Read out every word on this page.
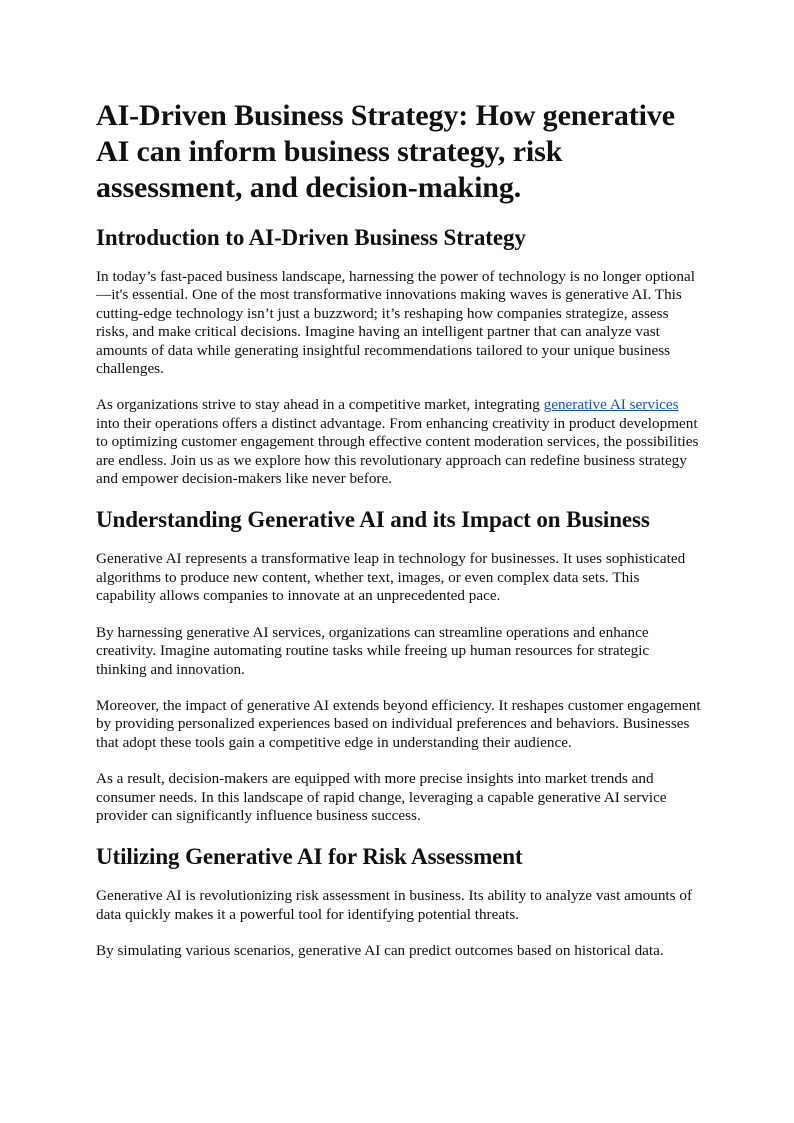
AI-Driven Business Strategy: How generative AI can inform business strategy, risk assessment, and decision-making.
Introduction to AI-Driven Business Strategy

In today’s fast-paced business landscape, harnessing the power of technology is no longer optional—it's essential. One of the most transformative innovations making waves is generative AI. This cutting-edge technology isn’t just a buzzword; it’s reshaping how companies strategize, assess risks, and make critical decisions. Imagine having an intelligent partner that can analyze vast amounts of data while generating insightful recommendations tailored to your unique business challenges.

As organizations strive to stay ahead in a competitive market, integrating generative AI services into their operations offers a distinct advantage. From enhancing creativity in product development to optimizing customer engagement through effective content moderation services, the possibilities are endless. Join us as we explore how this revolutionary approach can redefine business strategy and empower decision-makers like never before.

Understanding Generative AI and its Impact on Business

Generative AI represents a transformative leap in technology for businesses. It uses sophisticated algorithms to produce new content, whether text, images, or even complex data sets. This capability allows companies to innovate at an unprecedented pace.

By harnessing generative AI services, organizations can streamline operations and enhance creativity. Imagine automating routine tasks while freeing up human resources for strategic thinking and innovation.

Moreover, the impact of generative AI extends beyond efficiency. It reshapes customer engagement by providing personalized experiences based on individual preferences and behaviors. Businesses that adopt these tools gain a competitive edge in understanding their audience.

As a result, decision-makers are equipped with more precise insights into market trends and consumer needs. In this landscape of rapid change, leveraging a capable generative AI service provider can significantly influence business success.

Utilizing Generative AI for Risk Assessment

Generative AI is revolutionizing risk assessment in business. Its ability to analyze vast amounts of data quickly makes it a powerful tool for identifying potential threats.

By simulating various scenarios, generative AI can predict outcomes based on historical data.
